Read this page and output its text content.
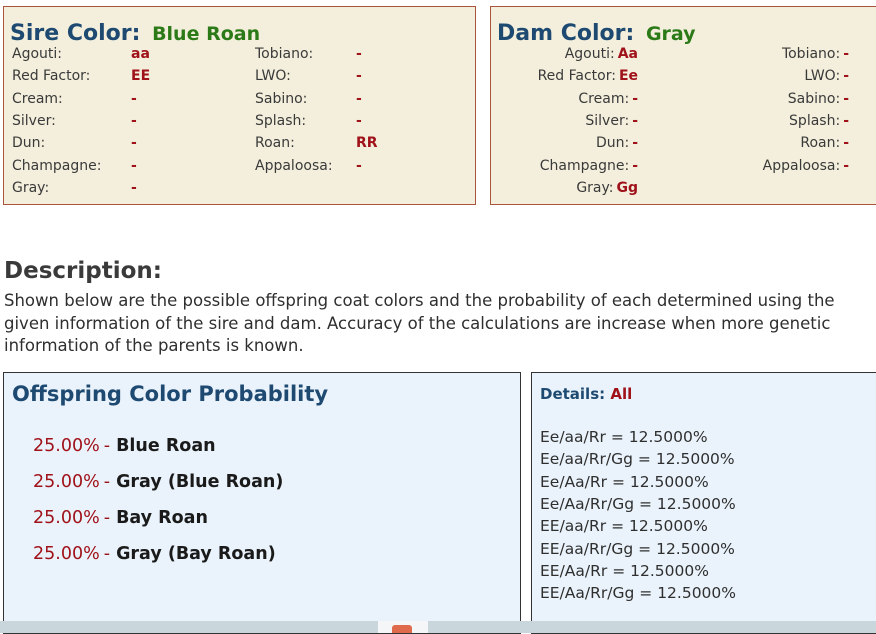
Sire Color: Blue Roan
Agouti:	aa
Red Factor:	EE
Cream:	-
Silver:	-
Dun:	-
Champagne: -
Gray:	-
Tobiano:	-
LWO:	-
Sabino:	-
Splash:	-
Roan:	RR
Appaloosa: -
Dam Color: Gray
Agouti: Aa
Red Factor: Ee
Cream: -
Silver: -
Dun: -
Champagne: -
Gray: Gg
Tobiano: -
LWO: -
Sabino: -
Splash: -
Roan: -
Appaloosa: -
Description:
Shown below are the possible offspring coat colors and the probability of each determined using the given information of the sire and dam. Accuracy of the calculations are increase when more genetic information of the parents is known.
Offspring Color Probability
25.00% - Blue Roan
25.00% - Gray (Blue Roan)
25.00% - Bay Roan
25.00% - Gray (Bay Roan)
Details: All
Ee/aa/Rr = 12.5000%
Ee/aa/Rr/Gg = 12.5000%
Ee/Aa/Rr = 12.5000%
Ee/Aa/Rr/Gg = 12.5000%
EE/aa/Rr = 12.5000%
EE/aa/Rr/Gg = 12.5000%
EE/Aa/Rr = 12.5000%
EE/Aa/Rr/Gg = 12.5000%
